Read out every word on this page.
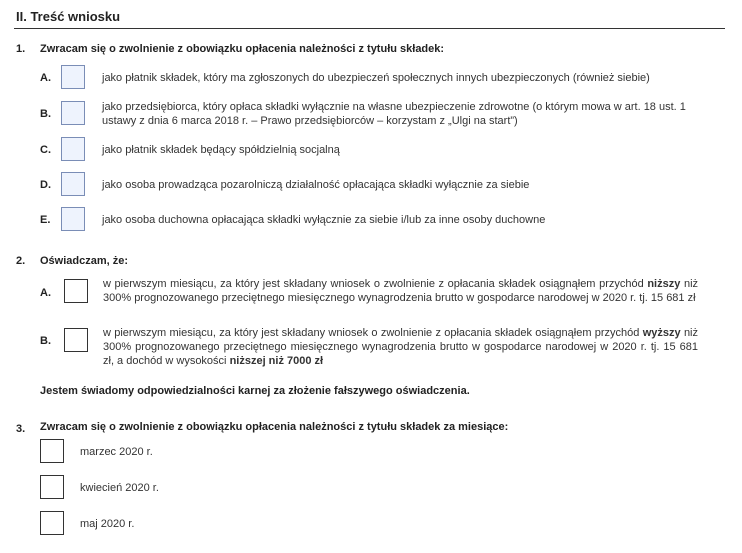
II. Treść wniosku
1. Zwracam się o zwolnienie z obowiązku opłacenia należności z tytułu składek:
A.	jako płatnik składek, który ma zgłoszonych do ubezpieczeń społecznych innych ubezpieczonych (również siebie)
B.
jako przedsiębiorca, który opłaca składki wyłącznie na własne ubezpieczenie zdrowotne (o którym mowa w art. 18 ust. 1 ustawy z dnia 6 marca 2018 r. – Prawo przedsiębiorców – korzystam z „Ulgi na start”)
C.	jako płatnik składek będący spółdzielnią socjalną
D.	jako osoba prowadząca pozarolniczą działalność opłacająca składki wyłącznie za siebie
E.	jako osoba duchowna opłacająca składki wyłącznie za siebie i/lub za inne osoby duchowne
2. Oświadczam, że:
A.
w pierwszym miesiącu, za który jest składany wniosek o zwolnienie z opłacania składek osiągnąłem przychód niższy niż 300% prognozowanego przeciętnego miesięcznego wynagrodzenia brutto w gospodarce narodowej w 2020 r. tj. 15 681 zł
B.
w pierwszym miesiącu, za który jest składany wniosek o zwolnienie z opłacania składek osiągnąłem przychód wyższy niż 300% prognozowanego przeciętnego miesięcznego wynagrodzenia brutto w gospodarce narodowej w 2020 r. tj. 15 681 zł, a dochód w wysokości niższej niż 7000 zł
Jestem świadomy odpowiedzialności karnej za złożenie fałszywego oświadczenia.
3. Zwracam się o zwolnienie z obowiązku opłacenia należności z tytułu składek za miesiące:
marzec 2020 r.
kwiecień 2020 r.
maj 2020 r.
